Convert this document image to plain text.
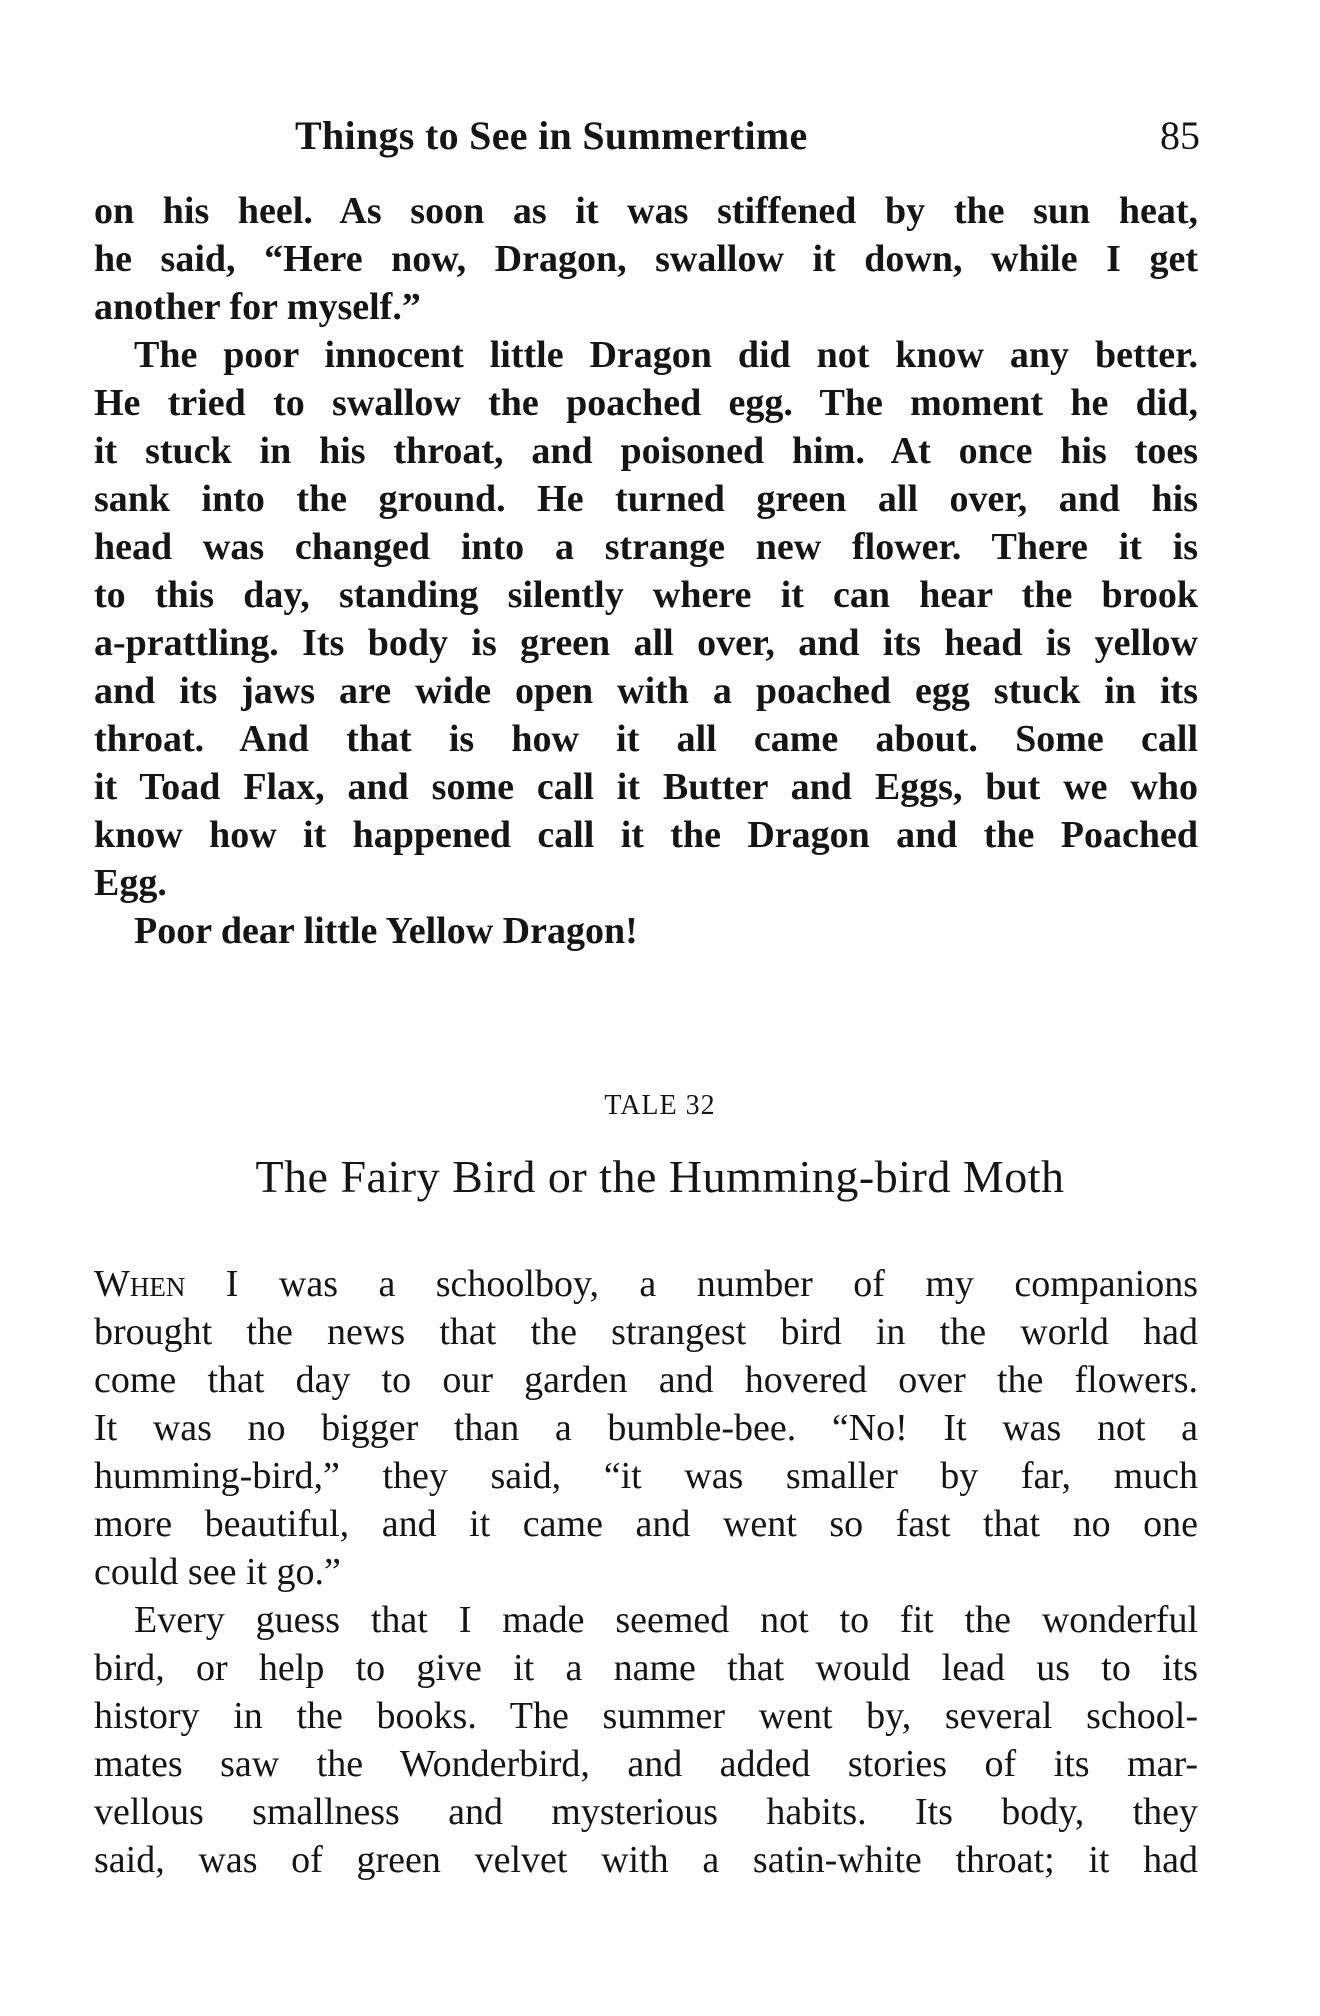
Things to See in Summertime	85
on his heel. As soon as it was stiffened by the sun heat,
he said, “Here now, Dragon, swallow it down, while I get
another for myself.”
The poor innocent little Dragon did not know any better.
He tried to swallow the poached egg. The moment he did,
it stuck in his throat, and poisoned him. At once his toes
sank into the ground. He turned green all over, and his
head was changed into a strange new flower. There it is
to this day, standing silently where it can hear the brook
a-prattling. Its body is green all over, and its head is yellow
and its jaws are wide open with a poached egg stuck in its
throat. And that is how it all came about. Some call
it Toad Flax, and some call it Butter and Eggs, but we who
know how it happened call it the Dragon and the Poached
Egg.
Poor dear little Yellow Dragon!
TALE 32
The Fairy Bird or the Humming-bird Moth
When I was a schoolboy, a number of my companions
brought the news that the strangest bird in the world had
come that day to our garden and hovered over the flowers.
It was no bigger than a bumble-bee. “No! It was not a
humming-bird,” they said, “it was smaller by far, much
more beautiful, and it came and went so fast that no one
could see it go.”
Every guess that I made seemed not to fit the wonderful
bird, or help to give it a name that would lead us to its
history in the books. The summer went by, several school-
mates saw the Wonderbird, and added stories of its mar-
vellous smallness and mysterious habits. Its body, they
said, was of green velvet with a satin-white throat; it had
